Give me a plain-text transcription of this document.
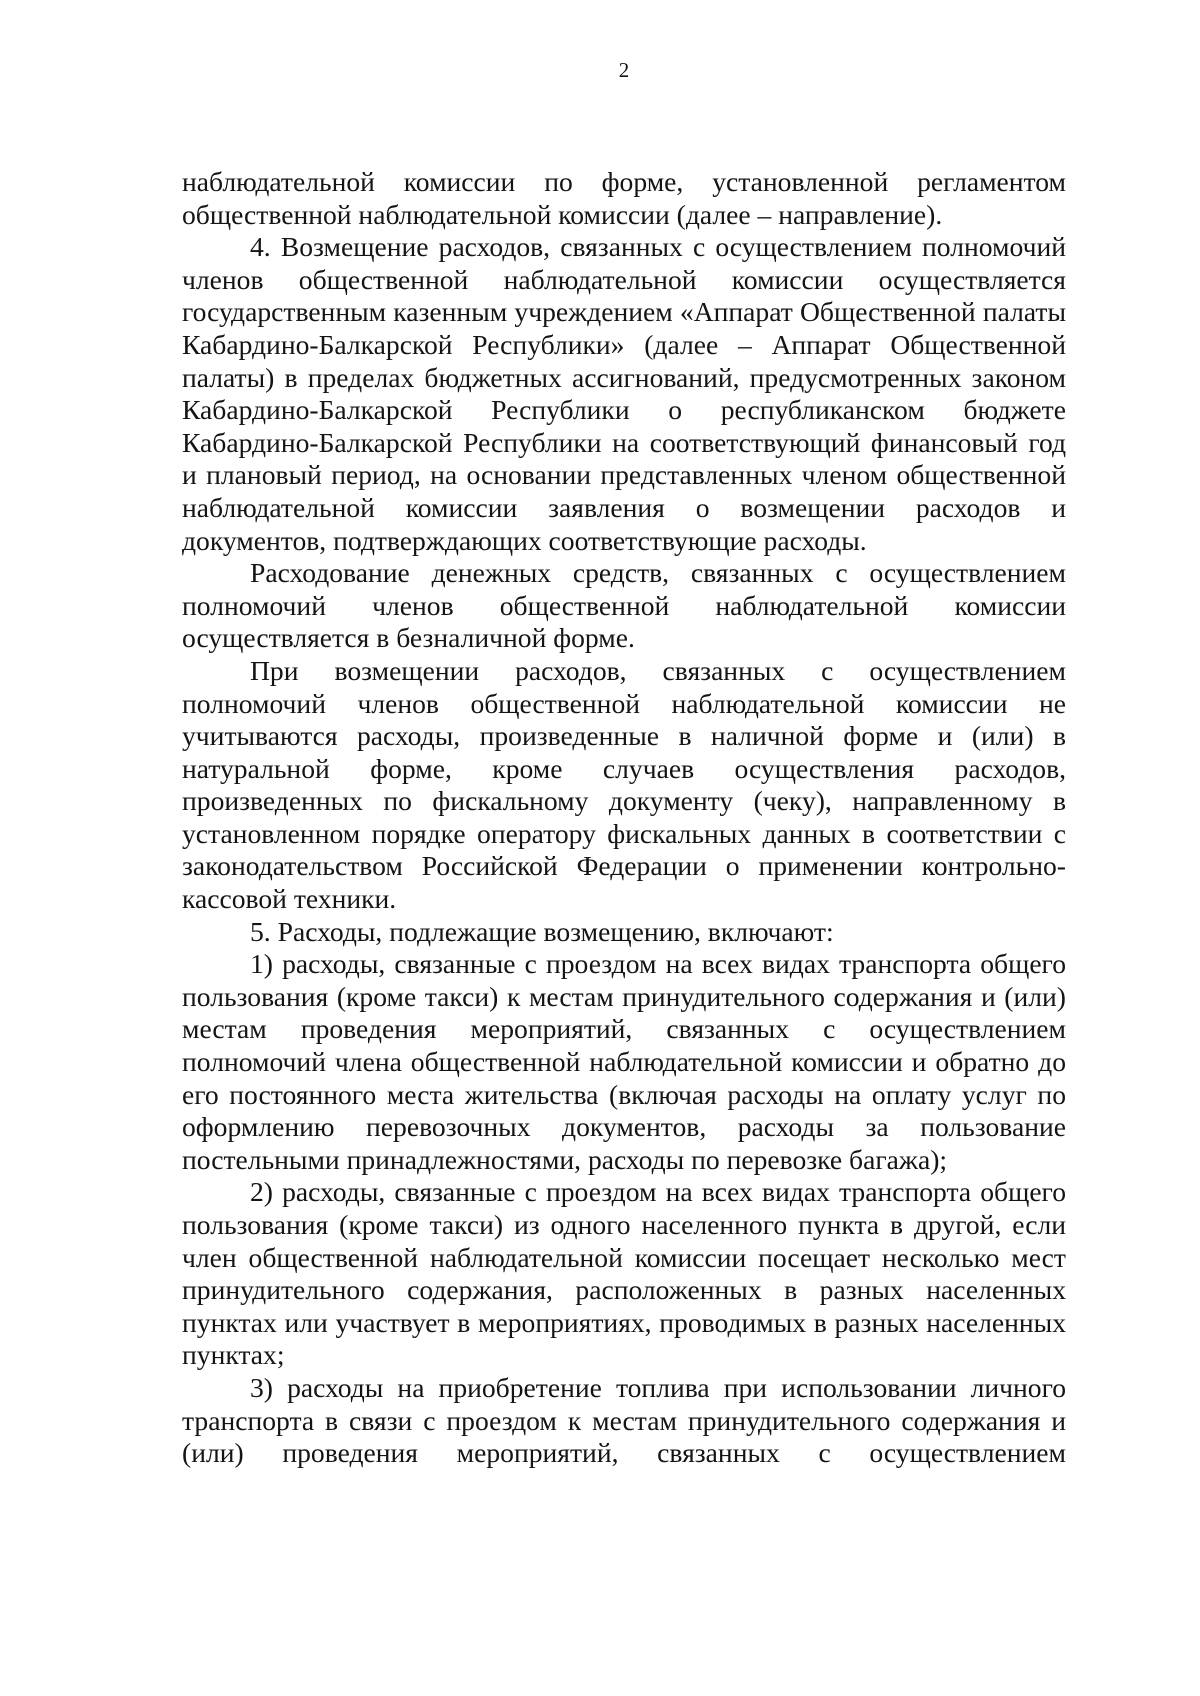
2

наблюдательной комиссии по форме, установленной регламентом общественной наблюдательной комиссии (далее – направление).

4. Возмещение расходов, связанных с осуществлением полномочий членов общественной наблюдательной комиссии осуществляется государственным казенным учреждением «Аппарат Общественной палаты Кабардино-Балкарской Республики» (далее – Аппарат Общественной палаты) в пределах бюджетных ассигнований, предусмотренных законом Кабардино-Балкарской Республики о республиканском бюджете Кабардино-Балкарской Республики на соответствующий финансовый год и плановый период, на основании представленных членом общественной наблюдательной комиссии заявления о возмещении расходов и документов, подтверждающих соответствующие расходы.

Расходование денежных средств, связанных с осуществлением полномочий членов общественной наблюдательной комиссии осуществляется в безналичной форме.

При возмещении расходов, связанных с осуществлением полномочий членов общественной наблюдательной комиссии не учитываются расходы, произведенные в наличной форме и (или) в натуральной форме, кроме случаев осуществления расходов, произведенных по фискальному документу (чеку), направленному в установленном порядке оператору фискальных данных в соответствии с законодательством Российской Федерации о применении контрольно-кассовой техники.

5. Расходы, подлежащие возмещению, включают:

1) расходы, связанные с проездом на всех видах транспорта общего пользования (кроме такси) к местам принудительного содержания и (или) местам проведения мероприятий, связанных с осуществлением полномочий члена общественной наблюдательной комиссии и обратно до его постоянного места жительства (включая расходы на оплату услуг по оформлению перевозочных документов, расходы за пользование постельными принадлежностями, расходы по перевозке багажа);

2) расходы, связанные с проездом на всех видах транспорта общего пользования (кроме такси) из одного населенного пункта в другой, если член общественной наблюдательной комиссии посещает несколько мест принудительного содержания, расположенных в разных населенных пунктах или участвует в мероприятиях, проводимых в разных населенных пунктах;

3) расходы на приобретение топлива при использовании личного транспорта в связи с проездом к местам принудительного содержания и (или) проведения мероприятий, связанных с осуществлением
